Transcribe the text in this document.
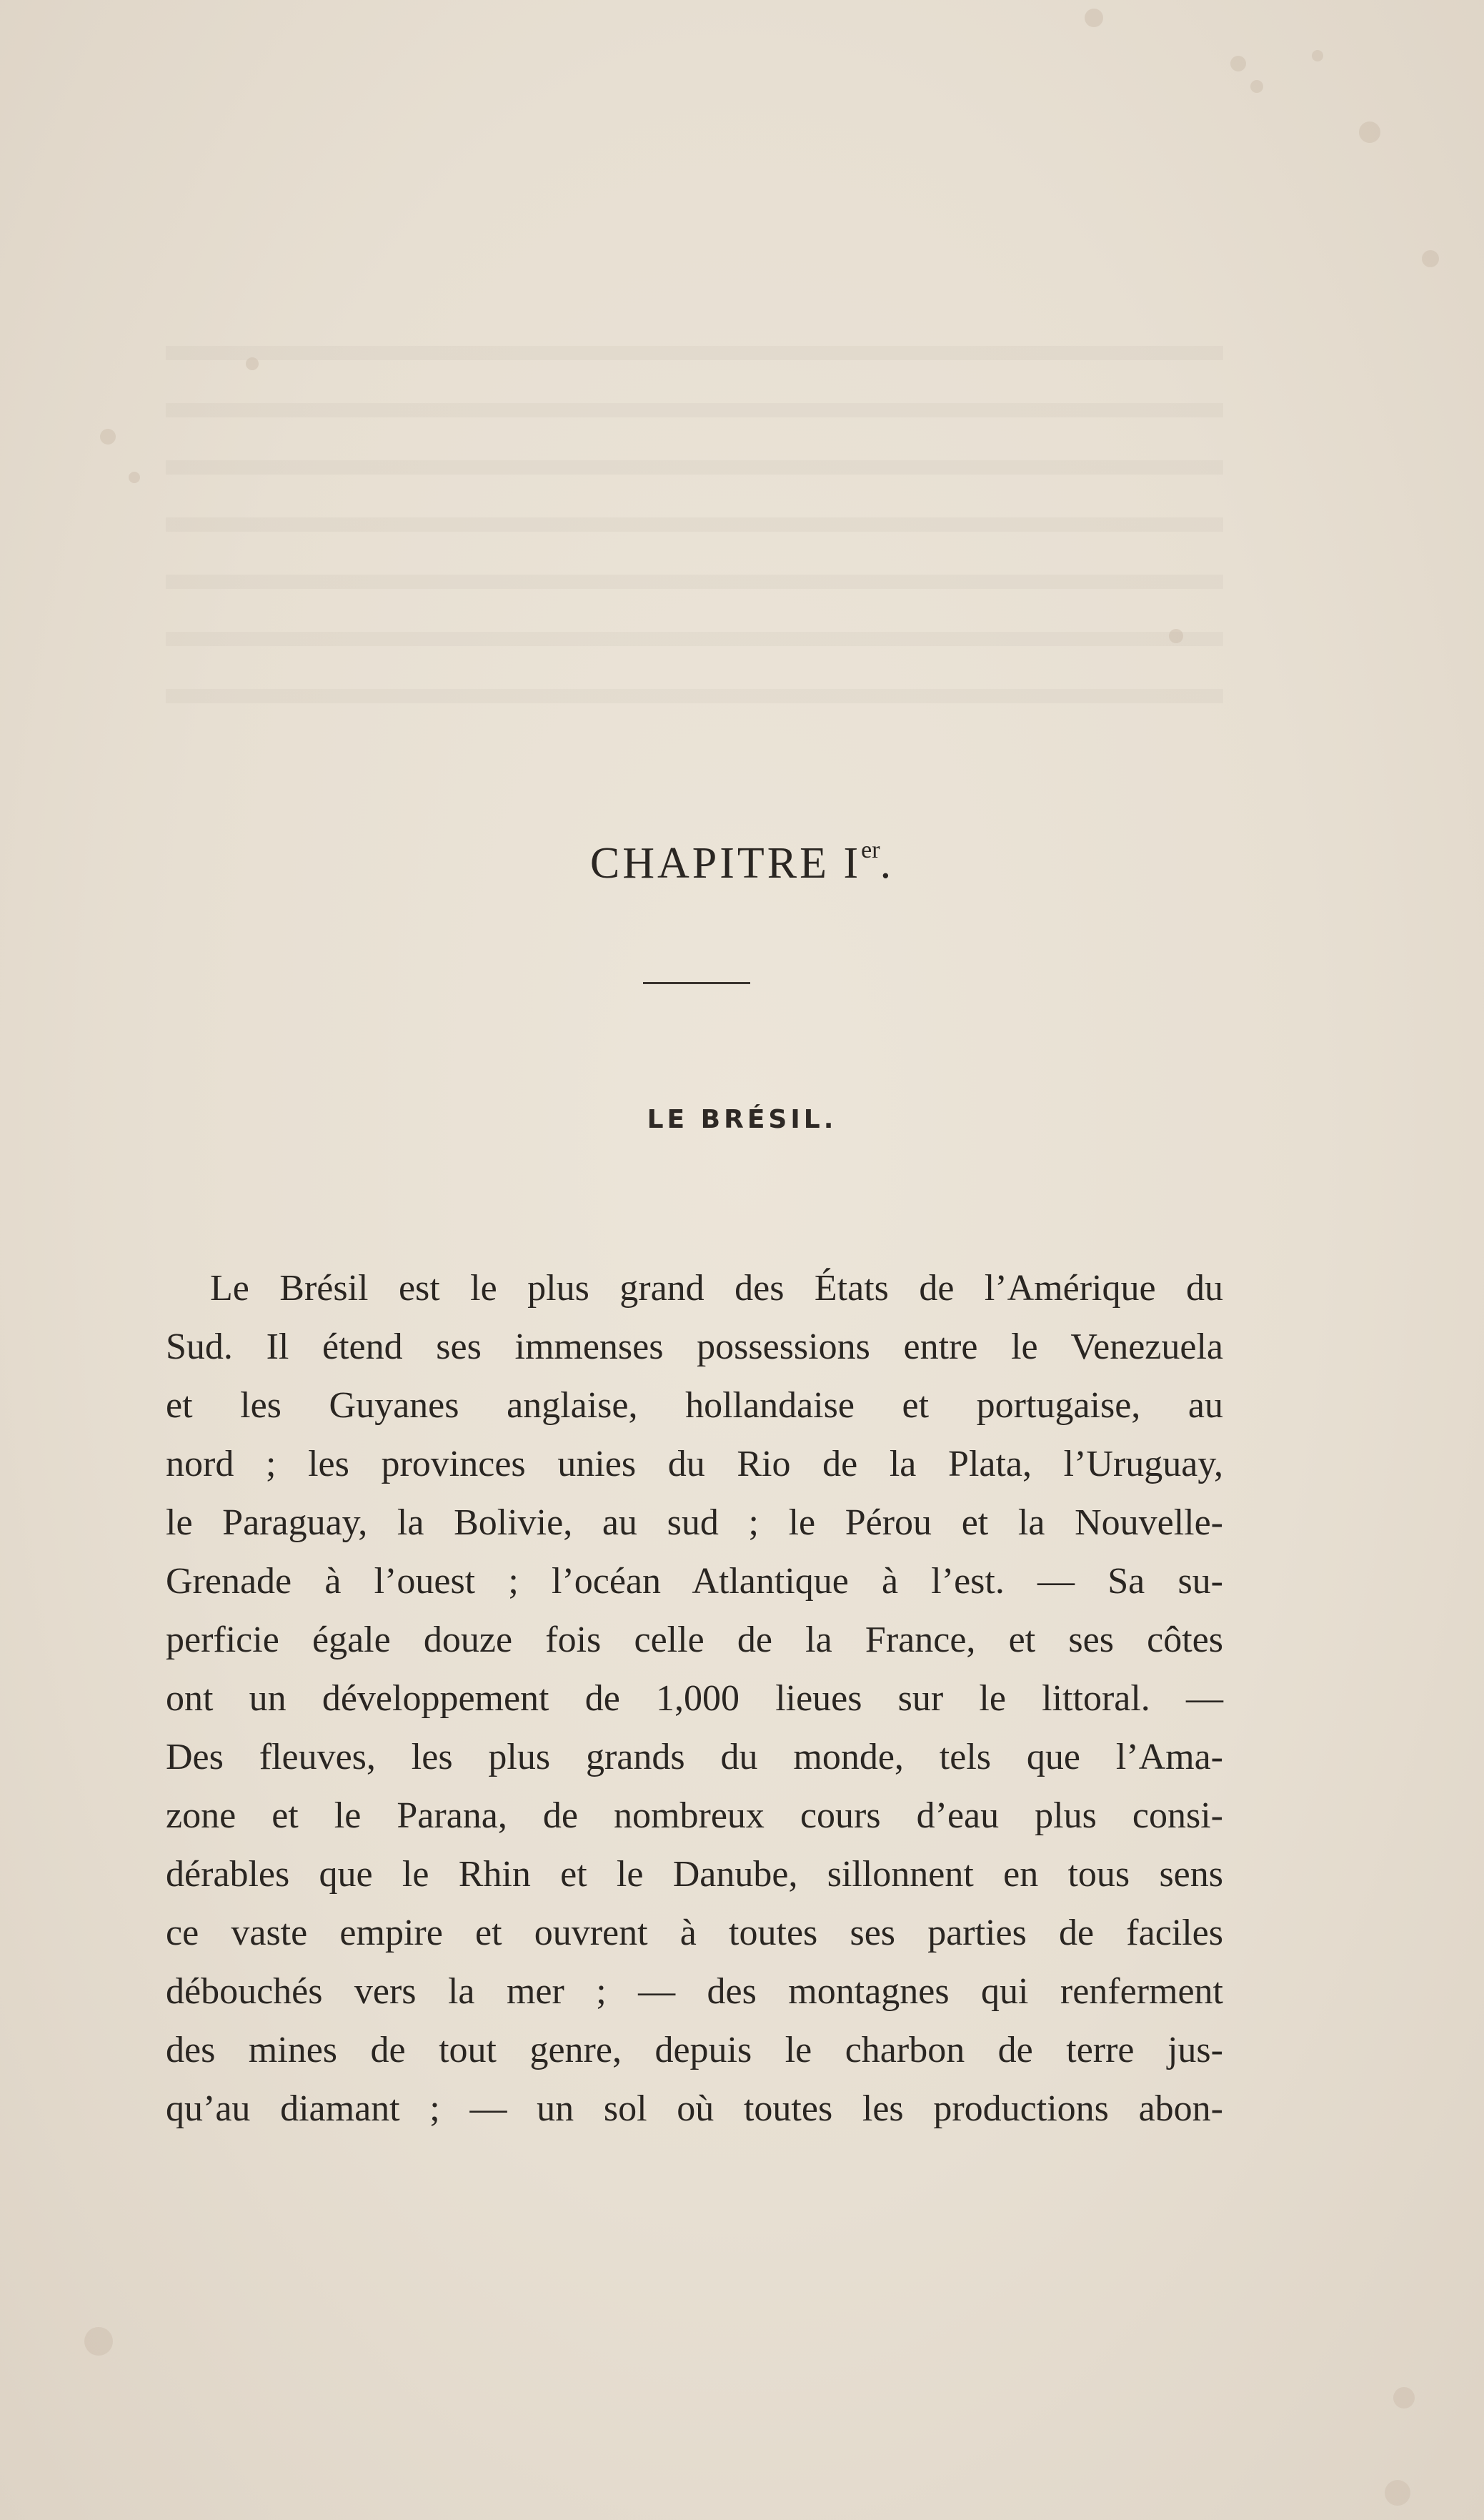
CHAPITRE Ier.
LE BRÉSIL.
Le Brésil est le plus grand des États de l’Amérique du
Sud. Il étend ses immenses possessions entre le Venezuela
et les Guyanes anglaise, hollandaise et portugaise, au
nord ; les provinces unies du Rio de la Plata, l’Uruguay,
le Paraguay, la Bolivie, au sud ; le Pérou et la Nouvelle-
Grenade à l’ouest ; l’océan Atlantique à l’est. — Sa su-
perficie égale douze fois celle de la France, et ses côtes
ont un développement de 1,000 lieues sur le littoral. —
Des fleuves, les plus grands du monde, tels que l’Ama-
zone et le Parana, de nombreux cours d’eau plus consi-
dérables que le Rhin et le Danube, sillonnent en tous sens
ce vaste empire et ouvrent à toutes ses parties de faciles
débouchés vers la mer ; — des montagnes qui renferment
des mines de tout genre, depuis le charbon de terre jus-
qu’au diamant ; — un sol où toutes les productions abon-
